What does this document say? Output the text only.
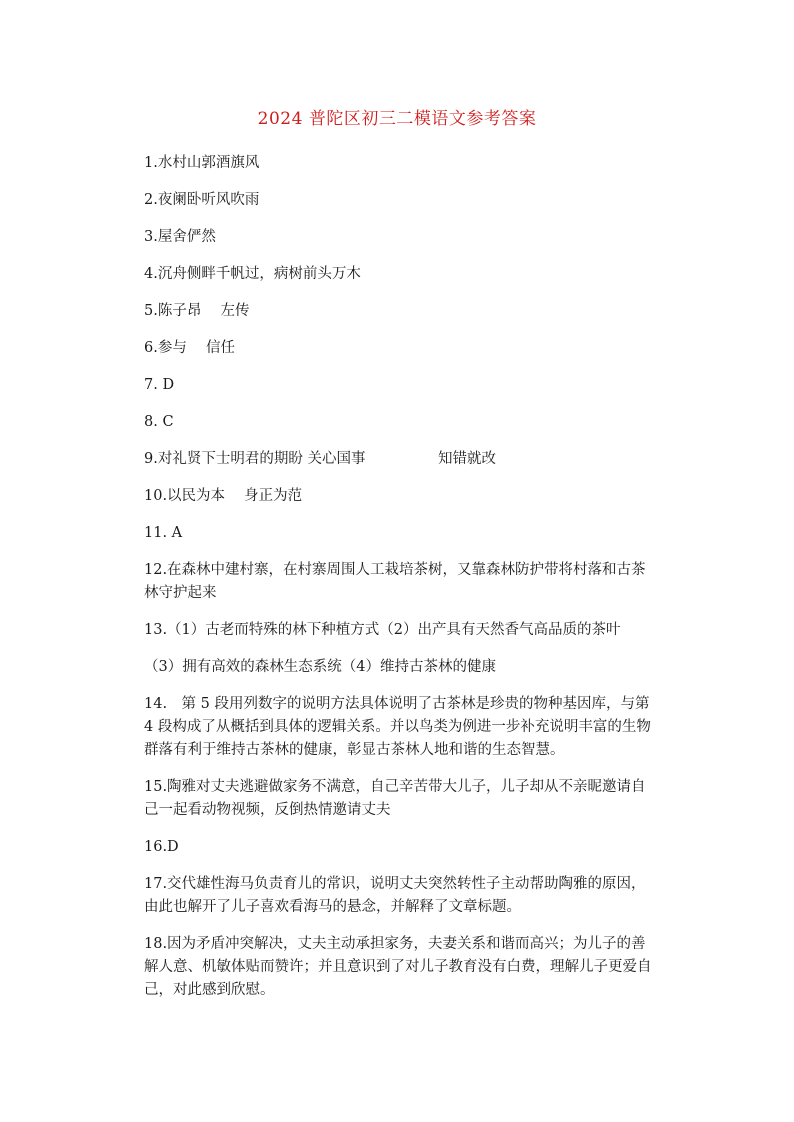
2024 普陀区初三二模语文参考答案

1.水村山郭酒旗风

2.夜阑卧听风吹雨

3.屋舍俨然

4.沉舟侧畔千帆过，病树前头万木

5.陈子昂　 左传

6.参与　 信任

7. D

8. C

9.对礼贤下士明君的期盼 关心国事　　　　　知错就改

10.以民为本　 身正为范

11. A

12.在森林中建村寨，在村寨周围人工栽培茶树，又靠森林防护带将村落和古茶林守护起来

13.（1）古老而特殊的林下种植方式（2）出产具有天然香气高品质的茶叶

（3）拥有高效的森林生态系统（4）维持古茶林的健康

14.　第 5 段用列数字的说明方法具体说明了古茶林是珍贵的物种基因库，与第 4 段构成了从概括到具体的逻辑关系。并以鸟类为例进一步补充说明丰富的生物群落有利于维持古茶林的健康，彰显古茶林人地和谐的生态智慧。

15.陶雅对丈夫逃避做家务不满意，自己辛苦带大儿子，儿子却从不亲昵邀请自己一起看动物视频，反倒热情邀请丈夫

16.D

17.交代雄性海马负责育儿的常识，说明丈夫突然转性子主动帮助陶雅的原因，由此也解开了儿子喜欢看海马的悬念，并解释了文章标题。

18.因为矛盾冲突解决，丈夫主动承担家务，夫妻关系和谐而高兴；为儿子的善解人意、机敏体贴而赞许；并且意识到了对儿子教育没有白费，理解儿子更爱自己，对此感到欣慰。
